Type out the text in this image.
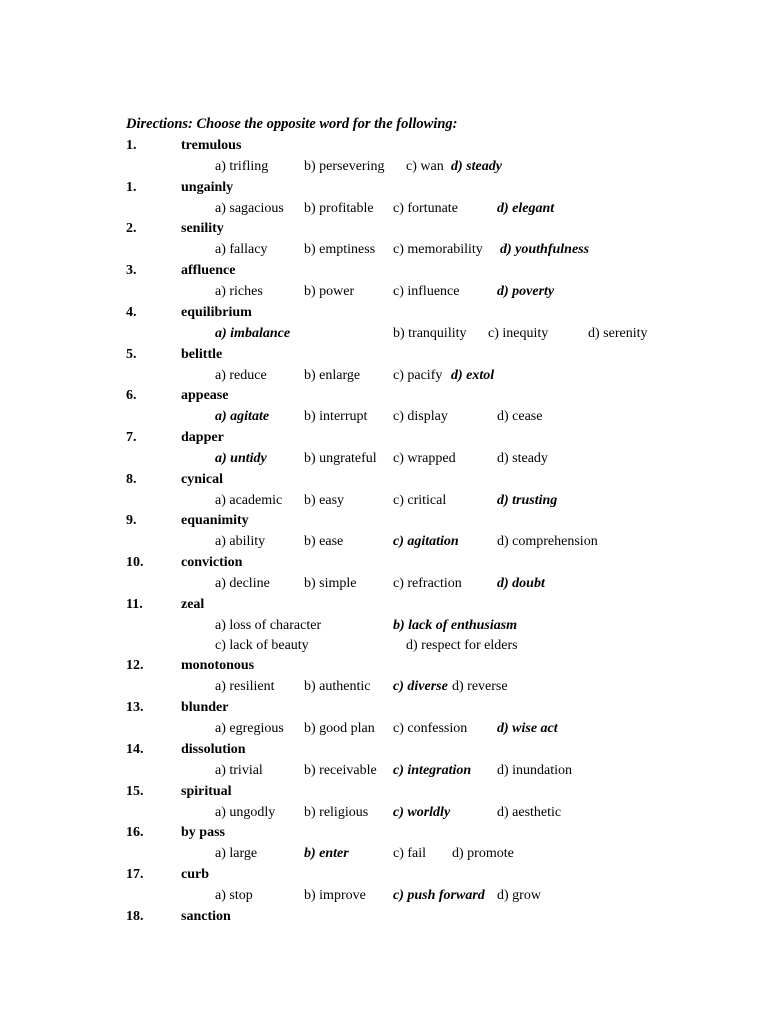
Directions: Choose the opposite word for the following:
1.	tremulous
a) trifling	b) persevering c) wan d) steady
1.	ungainly
a) sagacious b) profitable c) fortunate	d) elegant
2.	senility
a) fallacy	b) emptiness c) memorability d) youthfulness
3.	affluence
a) riches	b) power	c) influence	d) poverty
4.	equilibrium
a) imbalance	b) tranquility c) inequity	d) serenity
5.	belittle
a) reduce	b) enlarge c) pacify d) extol
6.	appease
a) agitate b) interrupt c) display	d) cease
7.	dapper
a) untidy	b) ungrateful c) wrapped	d) steady
8.	cynical
a) academic b) easy	c) critical	d) trusting
9.	equanimity
a) ability	b) ease	c) agitation	d) comprehension
10.	conviction
a) decline b) simple	c) refraction	d) doubt
11.	zeal
a) loss of character	b) lack of enthusiasm
c) lack of beauty	d) respect for elders
12.	monotonous
a) resilient b) authentic c) diverse d) reverse
13.	blunder
a) egregious b) good plan c) confession d) wise act
14.	dissolution
a) trivial	b) receivable c) integration d) inundation
15.	spiritual
a) ungodly b) religious c) worldly	d) aesthetic
16.	by pass
a) large	b) enter	c) fail d) promote
17.	curb
a) stop	b) improve c) push forward d) grow
18.	sanction
